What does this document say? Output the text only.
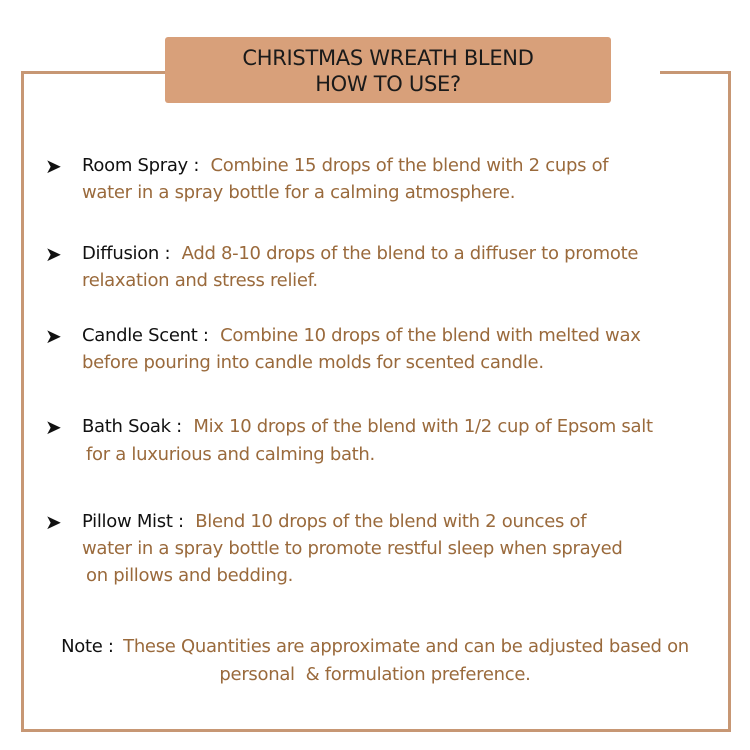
CHRISTMAS WREATH BLEND
HOW TO USE?
➤ Room Spray : Combine 15 drops of the blend with 2 cups of
water in a spray bottle for a calming atmosphere.
➤ Diffusion : Add 8-10 drops of the blend to a diffuser to promote
relaxation and stress relief.
➤ Candle Scent : Combine 10 drops of the blend with melted wax
before pouring into candle molds for scented candle.
➤ Bath Soak : Mix 10 drops of the blend with 1/2 cup of Epsom salt
for a luxurious and calming bath.
➤ Pillow Mist : Blend 10 drops of the blend with 2 ounces of
water in a spray bottle to promote restful sleep when sprayed
on pillows and bedding.
Note : These Quantities are approximate and can be adjusted based on
personal  & formulation preference.
